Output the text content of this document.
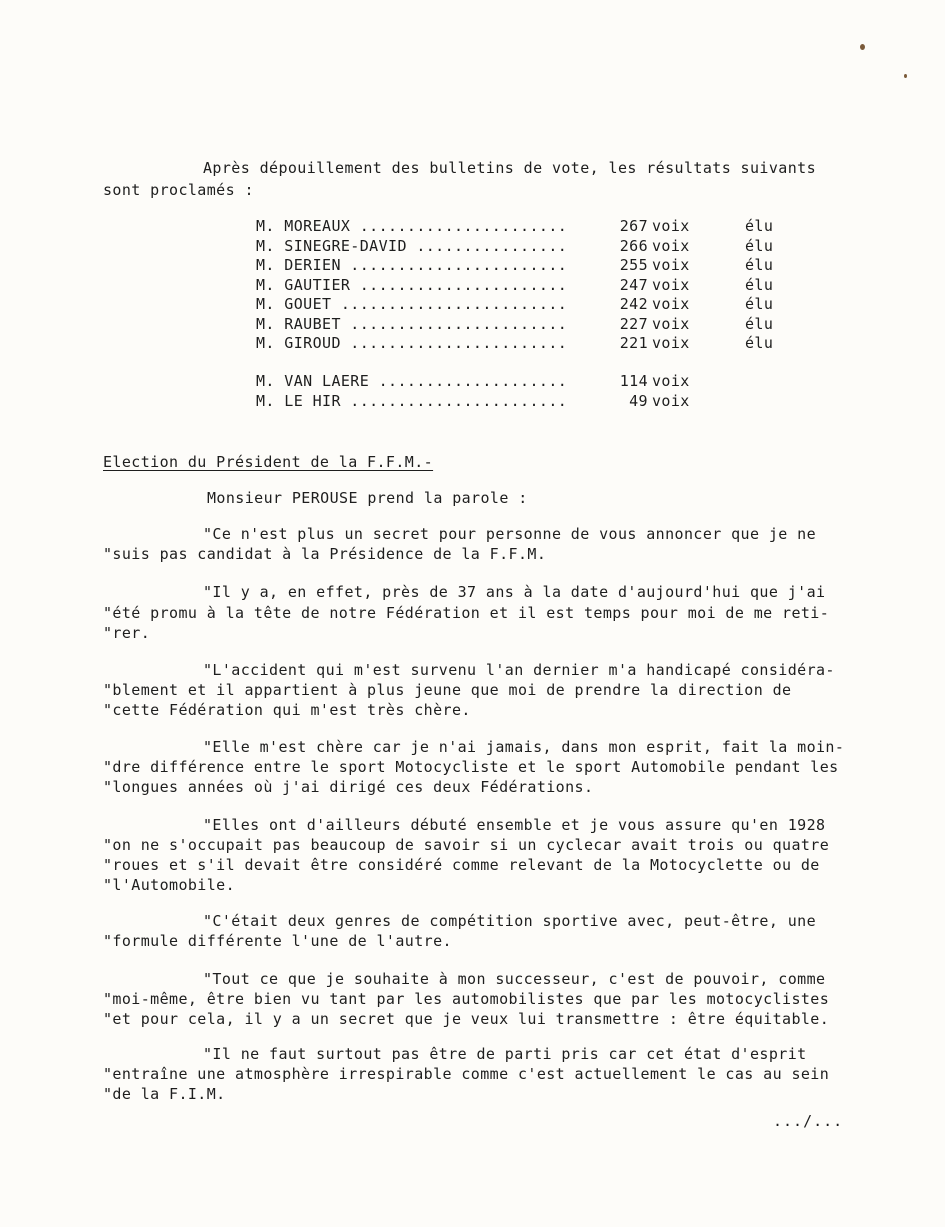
Après dépouillement des bulletins de vote, les résultats suivants
sont proclamés :
M. MOREAUX ......................	267 voix	élu
M. SINEGRE-DAVID ................	266 voix	élu
M. DERIEN .......................	255 voix	élu
M. GAUTIER ......................	247 voix	élu
M. GOUET ........................	242 voix	élu
M. RAUBET .......................	227 voix	élu
M. GIROUD .......................	221 voix	élu
M. VAN LAERE ....................	114 voix
M. LE HIR .......................	49 voix
Election du Président de la F.F.M.-
Monsieur PEROUSE prend la parole :
"Ce n'est plus un secret pour personne de vous annoncer que je ne
"suis pas candidat à la Présidence de la F.F.M.
"Il y a, en effet, près de 37 ans à la date d'aujourd'hui que j'ai
"été promu à la tête de notre Fédération et il est temps pour moi de me reti-
"rer.
"L'accident qui m'est survenu l'an dernier m'a handicapé considéra-
"blement et il appartient à plus jeune que moi de prendre la direction de
"cette Fédération qui m'est très chère.
"Elle m'est chère car je n'ai jamais, dans mon esprit, fait la moin-
"dre différence entre le sport Motocycliste et le sport Automobile pendant les
"longues années où j'ai dirigé ces deux Fédérations.
"Elles ont d'ailleurs débuté ensemble et je vous assure qu'en 1928
"on ne s'occupait pas beaucoup de savoir si un cyclecar avait trois ou quatre
"roues et s'il devait être considéré comme relevant de la Motocyclette ou de
"l'Automobile.
"C'était deux genres de compétition sportive avec, peut-être, une
"formule différente l'une de l'autre.
"Tout ce que je souhaite à mon successeur, c'est de pouvoir, comme
"moi-même, être bien vu tant par les automobilistes que par les motocyclistes
"et pour cela, il y a un secret que je veux lui transmettre : être équitable.
"Il ne faut surtout pas être de parti pris car cet état d'esprit
"entraîne une atmosphère irrespirable comme c'est actuellement le cas au sein
"de la F.I.M.
.../...
